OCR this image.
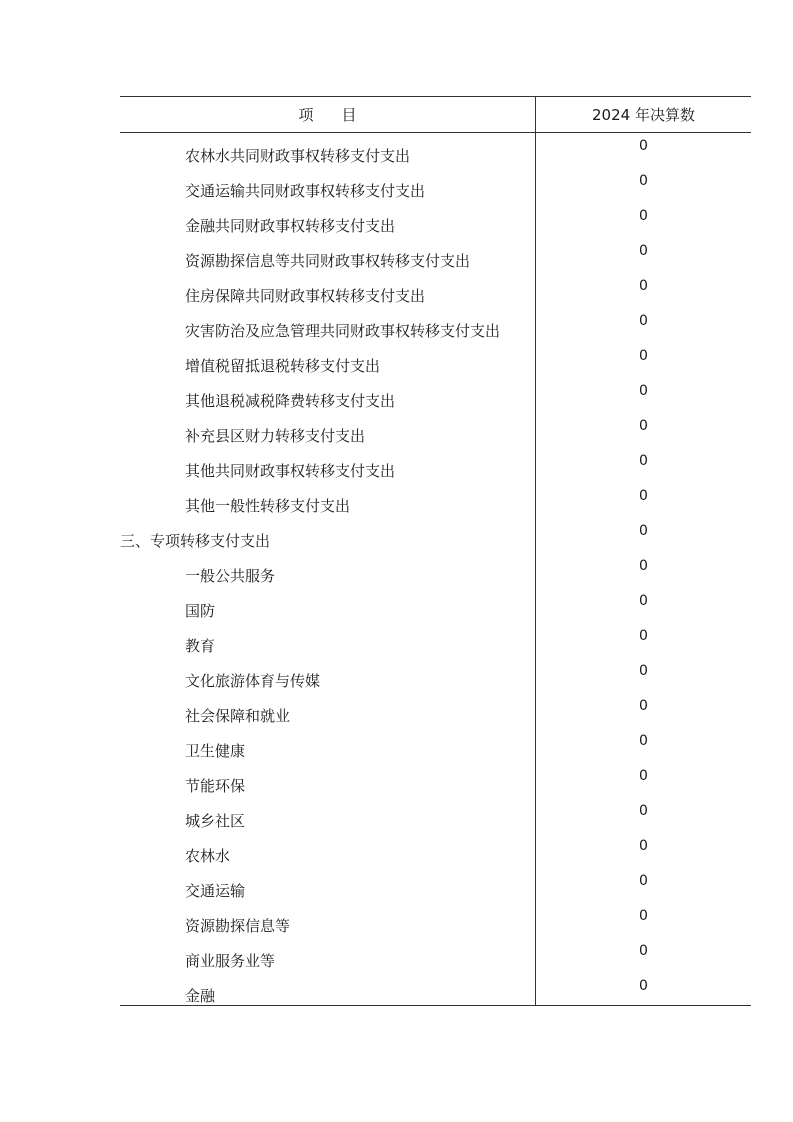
项 目	2024 年决算数
农林水共同财政事权转移支付支出
0
交通运输共同财政事权转移支付支出
0
金融共同财政事权转移支付支出
0
资源勘探信息等共同财政事权转移支付支出
0
住房保障共同财政事权转移支付支出
0
灾害防治及应急管理共同财政事权转移支付支出
0
增值税留抵退税转移支付支出
0
其他退税减税降费转移支付支出
0
补充县区财力转移支付支出
0
其他共同财政事权转移支付支出
0
其他一般性转移支付支出
0
三、专项转移支付支出
0
一般公共服务
0
国防
0
教育
0
文化旅游体育与传媒
0
社会保障和就业
0
卫生健康
0
节能环保
0
城乡社区
0
农林水
0
交通运输
0
资源勘探信息等
0
商业服务业等
0
金融
0
